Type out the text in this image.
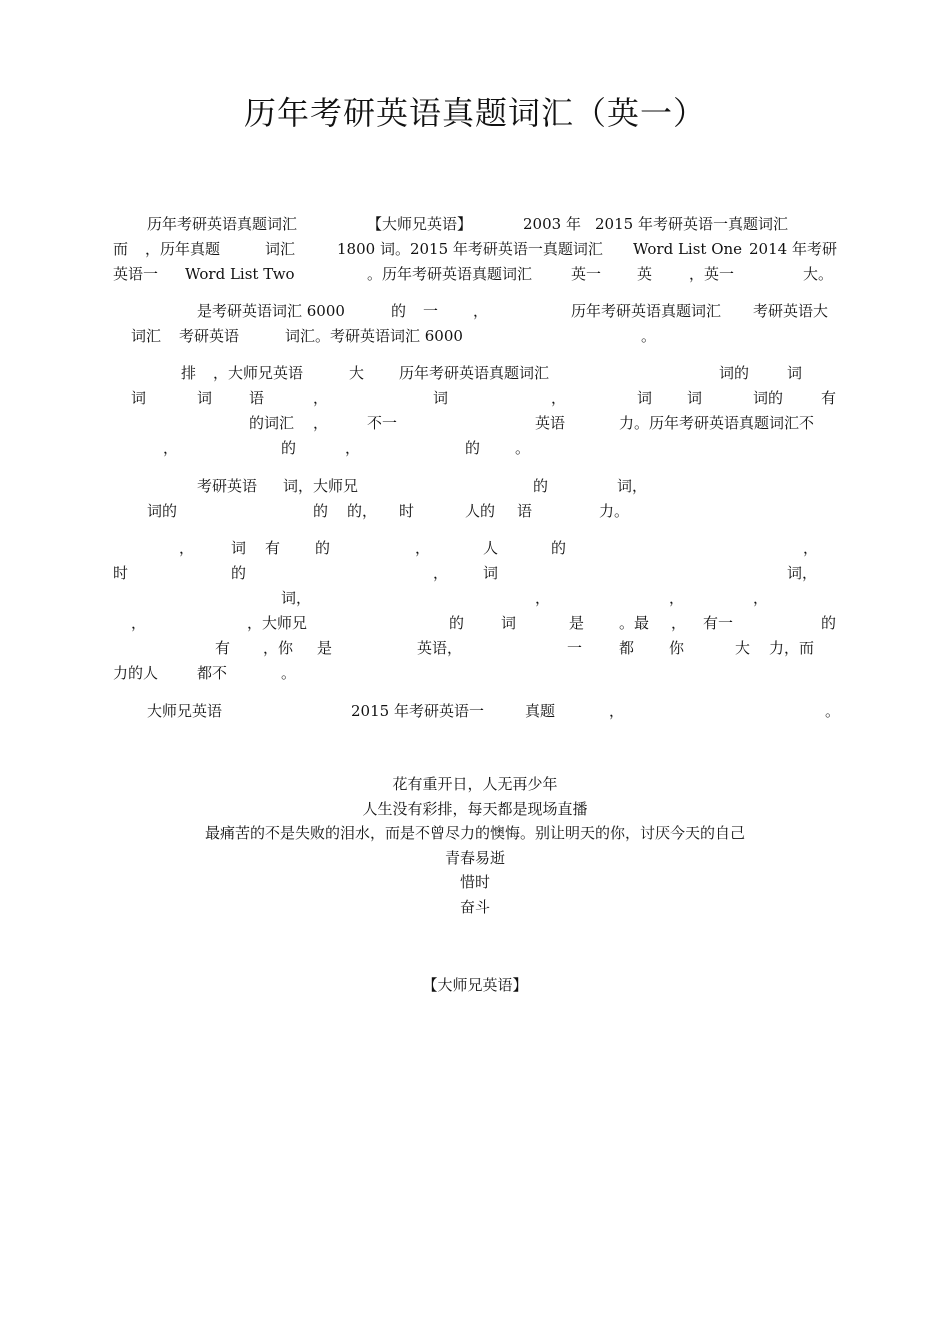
历年考研英语真题词汇（英一）

历年考研英语真题词汇

	【大师兄英语】

	2003 年

2015 年考研英语一真题词汇

而

，历年真题

	词汇

	1800 词。2015 年考研英语一真题词汇

Word List One

2014 年考研

英语一

Word List Two

	。历年考研英语真题词汇

	英一

英

，英一

	大。

是考研英语词汇 6000

	的

一

，

	历年考研英语真题词汇

考研英语大

词汇

考研英语

	词汇。考研英语词汇 6000

	。

排

，大师兄英语

	大

历年考研英语真题词汇

	词的

	词

词

	词

语

	，

	词

	，

	词

词

	词的

	有

的词汇

，

	不一

	英语

	力。历年考研英语真题词汇不

，

	的

	，

	的

。

考研英语

词，大师兄

	的

	词，

词的

	的

的，

时

	人的

语

	力。

，

词

有

的

	，

	人

	的

	，

时

	的

	，

词

	词，

词，

	，

	，

	，

，

	，大师兄

	的

词

	是

。最

，

有一

	的

有

，你

是

	英语，

	一

都

你

	大

力，而

力的人

	都不

	。

大师兄英语

	2015 年考研英语一

	真题

	，

	。

花有重开日，人无再少年
人生没有彩排，每天都是现场直播
最痛苦的不是失败的泪水，而是不曾尽力的懊悔。别让明天的你，讨厌今天的自己
青春易逝
惜时
奋斗
【大师兄英语】
